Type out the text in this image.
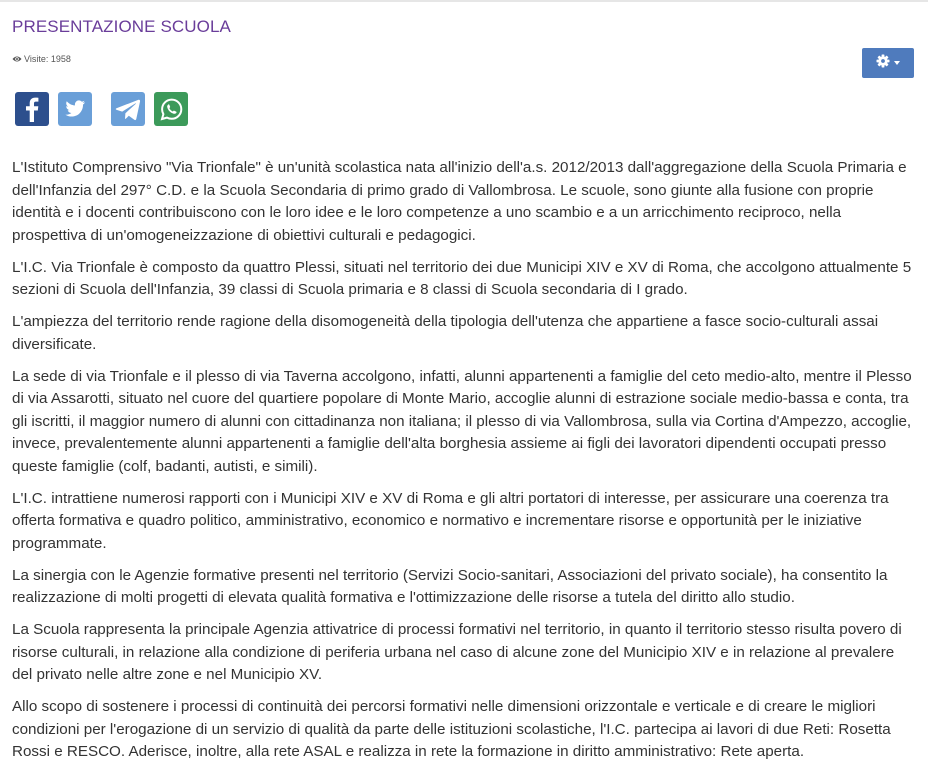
PRESENTAZIONE SCUOLA
Visite: 1958

L'Istituto Comprensivo "Via Trionfale" è un'unità scolastica nata all'inizio dell'a.s. 2012/2013 dall'aggregazione della Scuola Primaria e dell'Infanzia del 297° C.D. e la Scuola Secondaria di primo grado di Vallombrosa. Le scuole, sono giunte alla fusione con proprie identità e i docenti contribuiscono con le loro idee e le loro competenze a uno scambio e a un arricchimento reciproco, nella prospettiva di un'omogeneizzazione di obiettivi culturali e pedagogici.

L'I.C. Via Trionfale è composto da quattro Plessi, situati nel territorio dei due Municipi XIV e XV di Roma, che accolgono attualmente 5 sezioni di Scuola dell'Infanzia, 39 classi di Scuola primaria e 8 classi di Scuola secondaria di I grado.

L'ampiezza del territorio rende ragione della disomogeneità della tipologia dell'utenza che appartiene a fasce socio-culturali assai diversificate.

La sede di via Trionfale e il plesso di via Taverna accolgono, infatti, alunni appartenenti a famiglie del ceto medio-alto, mentre il Plesso di via Assarotti, situato nel cuore del quartiere popolare di Monte Mario, accoglie alunni di estrazione sociale medio-bassa e conta, tra gli iscritti, il maggior numero di alunni con cittadinanza non italiana; il plesso di via Vallombrosa, sulla via Cortina d'Ampezzo, accoglie, invece, prevalentemente alunni appartenenti a famiglie dell'alta borghesia assieme ai figli dei lavoratori dipendenti occupati presso queste famiglie (colf, badanti, autisti, e simili).

L'I.C. intrattiene numerosi rapporti con i Municipi XIV e XV di Roma e gli altri portatori di interesse, per assicurare una coerenza tra offerta formativa e quadro politico, amministrativo, economico e normativo e incrementare risorse e opportunità per le iniziative programmate.

La sinergia con le Agenzie formative presenti nel territorio (Servizi Socio-sanitari, Associazioni del privato sociale), ha consentito la realizzazione di molti progetti di elevata qualità formativa e l'ottimizzazione delle risorse a tutela del diritto allo studio.

La Scuola rappresenta la principale Agenzia attivatrice di processi formativi nel territorio, in quanto il territorio stesso risulta povero di risorse culturali, in relazione alla condizione di periferia urbana nel caso di alcune zone del Municipio XIV e in relazione al prevalere del privato nelle altre zone e nel Municipio XV.

Allo scopo di sostenere i processi di continuità dei percorsi formativi nelle dimensioni orizzontale e verticale e di creare le migliori condizioni per l'erogazione di un servizio di qualità da parte delle istituzioni scolastiche, l'I.C. partecipa ai lavori di due Reti: Rosetta Rossi e RESCO. Aderisce, inoltre, alla rete ASAL e realizza in rete la formazione in diritto amministrativo: Rete aperta.
